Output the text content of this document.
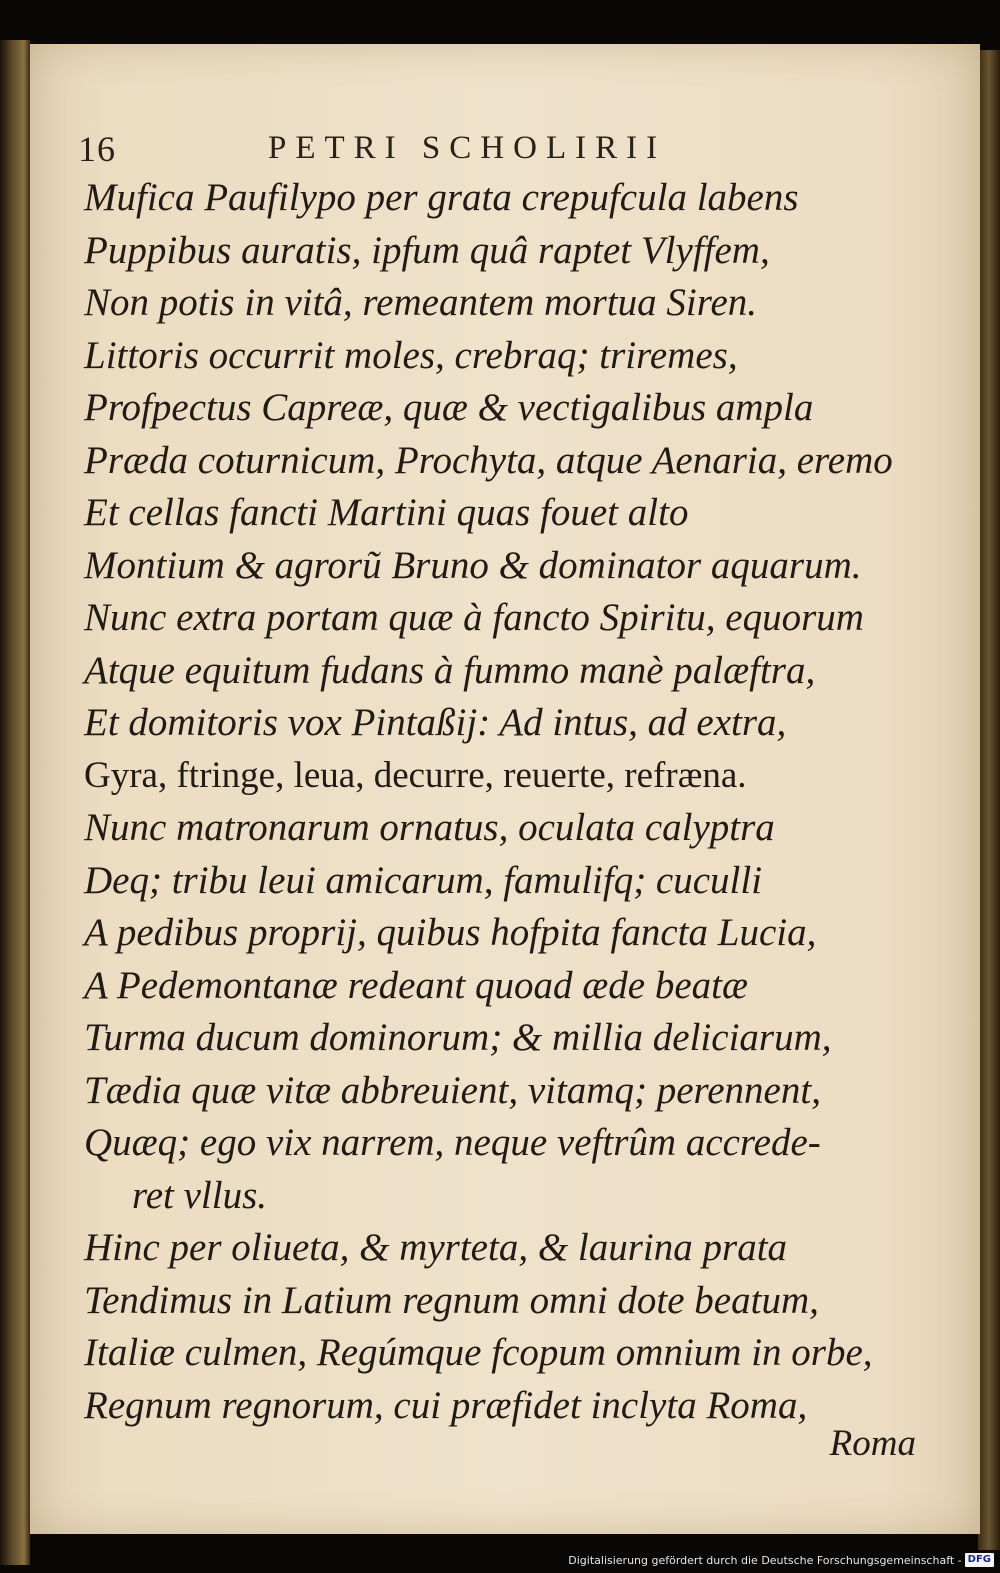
16	PETRI SCHOLIRII
Mufica Paufilypo per grata crepufcula labens
Puppibus auratis, ipfum quâ raptet Vlyffem,
Non potis in vitâ, remeantem mortua Siren.
Littoris occurrit moles, crebraq; triremes,
Profpectus Capreæ, quæ & vectigalibus ampla
Præda coturnicum, Prochyta, atque Aenaria, eremo
Et cellas fancti Martini quas fouet alto
Montium & agrorũ Bruno & dominator aquarum.
Nunc extra portam quæ à fancto Spiritu, equorum
Atque equitum fudans à fummo manè palæftra,
Et domitoris vox Pintaßij: Ad intus, ad extra,
Gyra, ftringe, leua, decurre, reuerte, refræna.
Nunc matronarum ornatus, oculata calyptra
Deq; tribu leui amicarum, famulifq; cuculli
A pedibus proprij, quibus hofpita fancta Lucia,
A Pedemontanæ redeant quoad æde beatæ
Turma ducum dominorum; & millia deliciarum,
Tædia quæ vitæ abbreuient, vitamq; perennent,
Quæq; ego vix narrem, neque veftrûm accrede-
ret vllus.
Hinc per oliueta, & myrteta, & laurina prata
Tendimus in Latium regnum omni dote beatum,
Italiæ culmen, Regúmque fcopum omnium in orbe,
Regnum regnorum, cui præfidet inclyta Roma,
Roma
Digitalisierung gefördert durch die Deutsche Forschungsgemeinschaft - DFG
